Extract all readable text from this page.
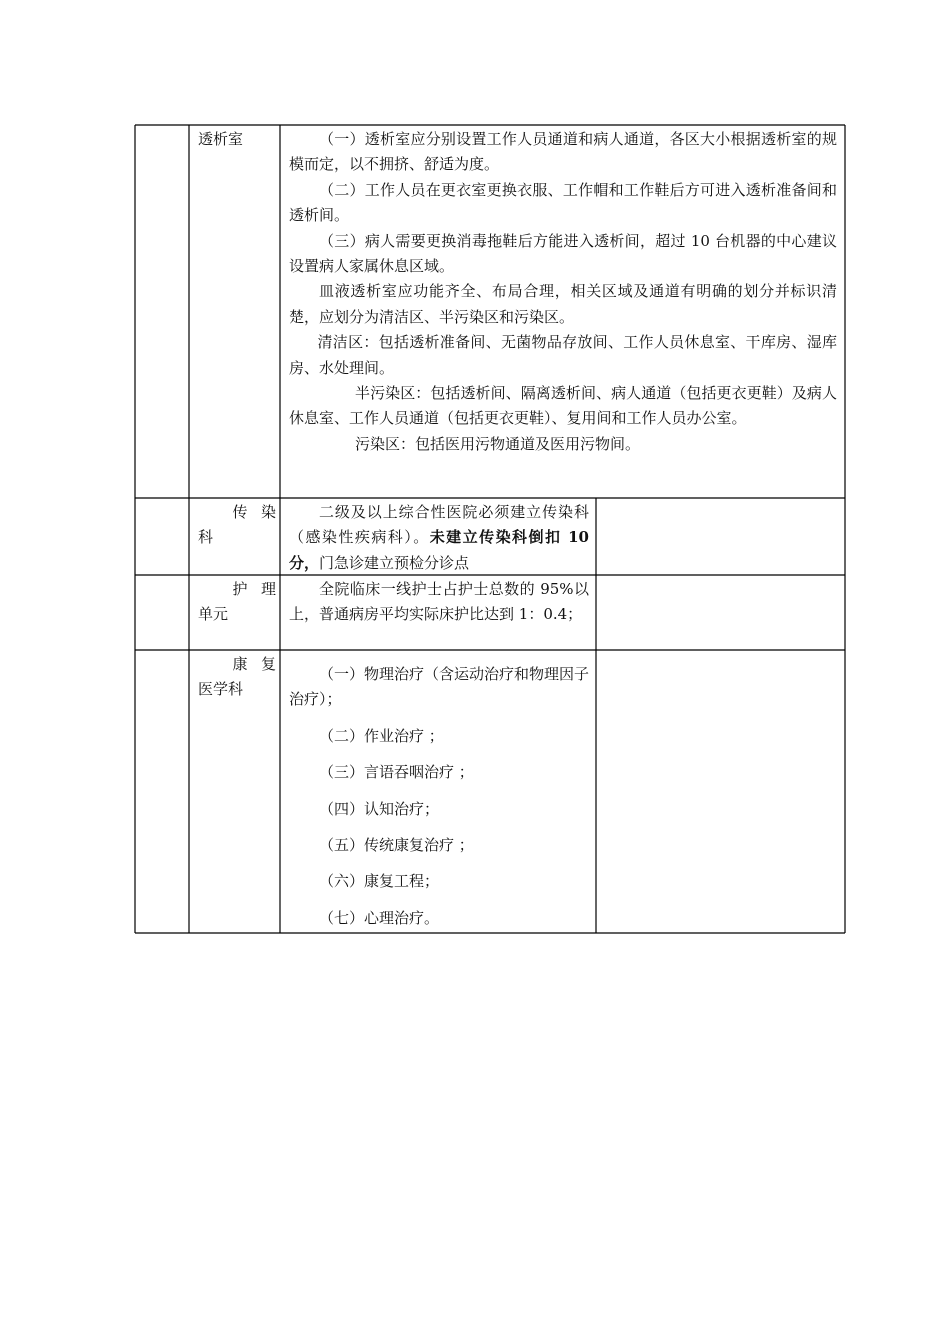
透析室	（一）透析室应分别设置工作人员通道和病人通道，各区大小根据透析室的规模而定，以不拥挤、舒适为度。

（二）工作人员在更衣室更换衣服、工作帽和工作鞋后方可进入透析准备间和透析间。

（三）病人需要更换消毒拖鞋后方能进入透析间，超过 10 台机器的中心建议设置病人家属休息区域。

皿液透析室应功能齐全、布局合理，相关区域及通道有明确的划分并标识清楚，应划分为清洁区、半污染区和污染区。

清洁区：包括透析准备间、无菌物品存放间、工作人员休息室、干库房、湿库房、水处理间。

半污染区：包括透析间、隔离透析间、病人通道（包括更衣更鞋）及病人休息室、工作人员通道（包括更衣更鞋）、复用间和工作人员办公室。

污染区：包括医用污物通道及医用污物间。

传染
科

二级及以上综合性医院必须建立传染科（感染性疾病科）。未建立传染科倒扣 10 分，门急诊建立预检分诊点

护理
单元

全院临床一线护士占护士总数的 95%以上，普通病房平均实际床护比达到 1：0.4；

康复
医学科

（一）物理治疗（含运动治疗和物理因子治疗）；

（二）作业治疗 ；

（三）言语吞咽治疗 ；

（四）认知治疗；

（五）传统康复治疗 ；

（六）康复工程；

（七）心理治疗。
